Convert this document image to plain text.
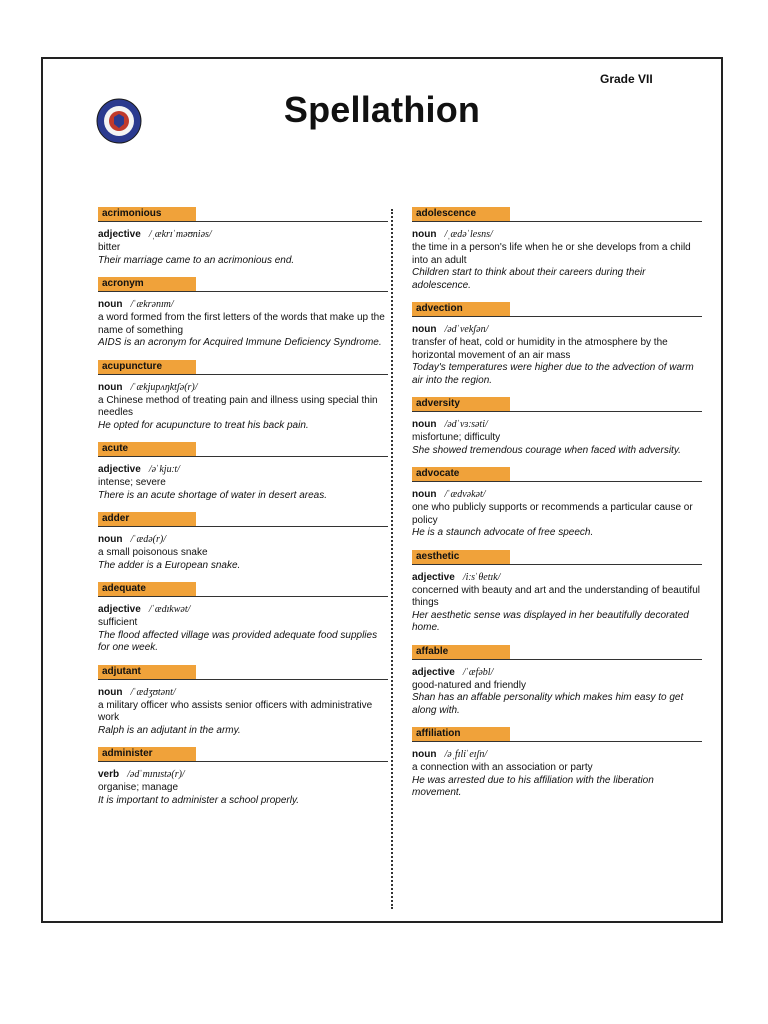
Grade VII
Spellathion
acrimonious
adjective /ˌækrɪˈməʊniəs/
bitter
Their marriage came to an acrimonious end.
acronym
noun /ˈækrənɪm/
a word formed from the first letters of the words that make up the name of something
AIDS is an acronym for Acquired Immune Deficiency Syndrome.
acupuncture
noun /ˈækjupʌŋktʃə(r)/
a Chinese method of treating pain and illness using special thin needles
He opted for acupuncture to treat his back pain.
acute
adjective /əˈkjuːt/
intense; severe
There is an acute shortage of water in desert areas.
adder
noun /ˈædə(r)/
a small poisonous snake
The adder is a European snake.
adequate
adjective /ˈædɪkwət/
sufficient
The flood affected village was provided adequate food supplies for one week.
adjutant
noun /ˈædʒʊtənt/
a military officer who assists senior officers with administrative work
Ralph is an adjutant in the army.
administer
verb /ədˈmɪnɪstə(r)/
organise; manage
It is important to administer a school properly.
adolescence
noun /ˌædəˈlesns/
the time in a person's life when he or she develops from a child into an adult
Children start to think about their careers during their adolescence.
advection
noun /ədˈvekʃən/
transfer of heat, cold or humidity in the atmosphere by the horizontal movement of an air mass
Today's temperatures were higher due to the advection of warm air into the region.
adversity
noun /ədˈvɜːsəti/
misfortune; difficulty
She showed tremendous courage when faced with adversity.
advocate
noun /ˈædvəkət/
one who publicly supports or recommends a particular cause or policy
He is a staunch advocate of free speech.
aesthetic
adjective /iːsˈθetɪk/
concerned with beauty and art and the understanding of beautiful things
Her aesthetic sense was displayed in her beautifully decorated home.
affable
adjective /ˈæfəbl/
good-natured and friendly
Shan has an affable personality which makes him easy to get along with.
affiliation
noun /əˌfɪliˈeɪʃn/
a connection with an association or party
He was arrested due to his affiliation with the liberation movement.
